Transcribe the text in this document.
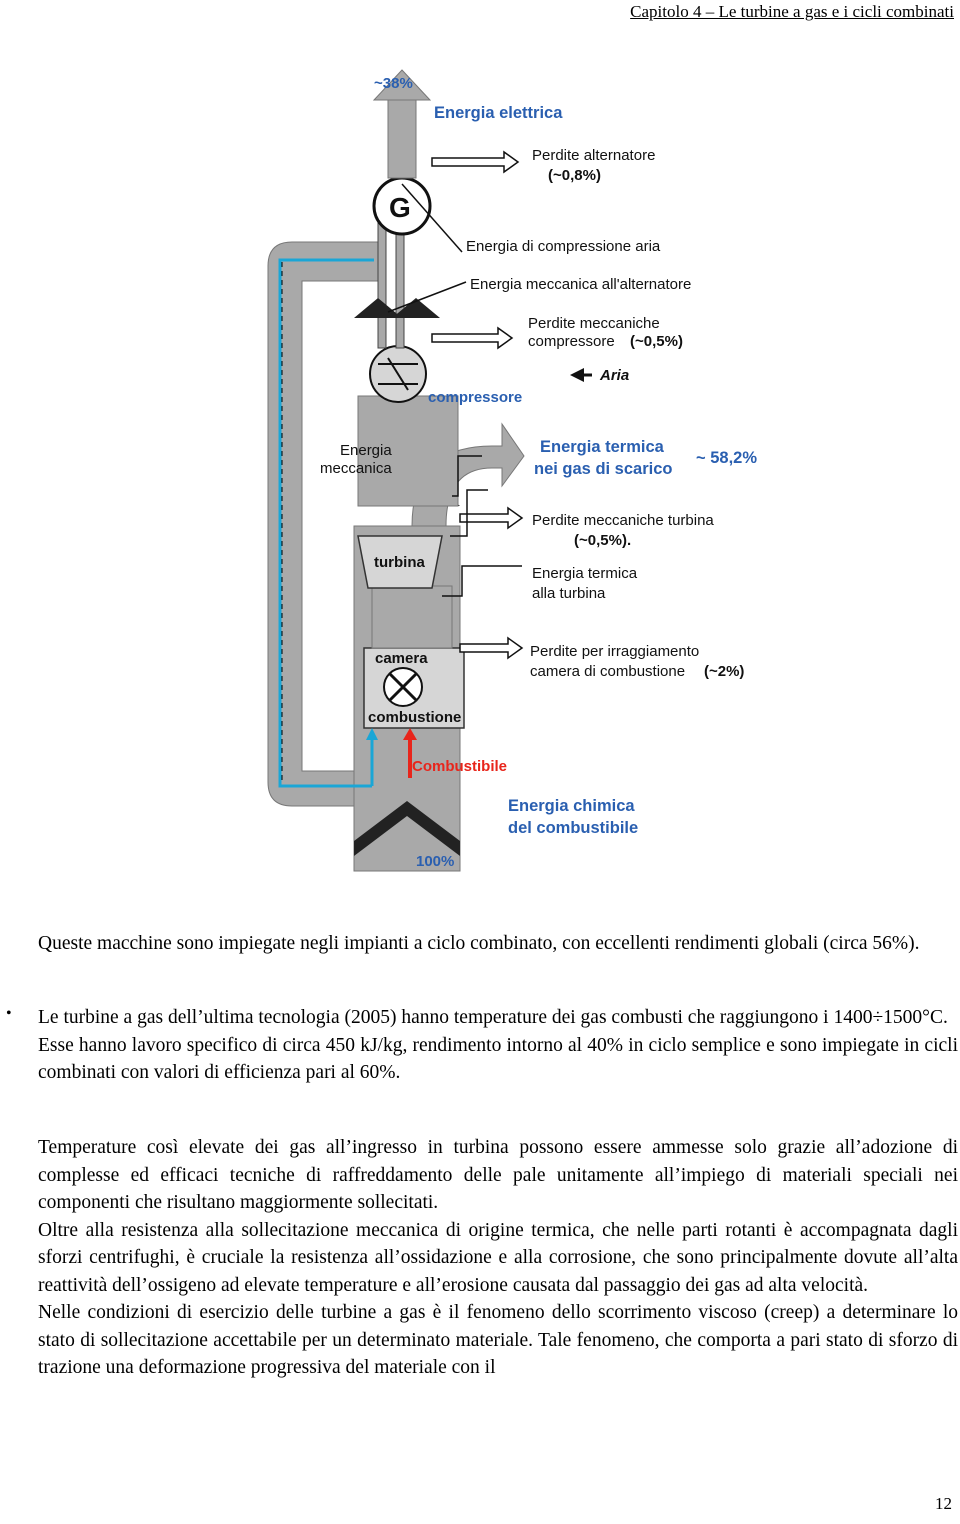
Capitolo 4 – Le turbine a gas e i cicli combinati
camera
combustione
Combustibile
turbina
compressore
G
~38%
Energia elettrica
Perdite alternatore
(~0,8%)
Energia di compressione aria
Energia meccanica all'alternatore
Perdite meccaniche
compressore (~0,5%)
Aria
Energia
meccanica
Energia termica
nei gas di scarico
~ 58,2%
Perdite meccaniche turbina
(~0,5%).
Energia termica
alla turbina
Perdite per irraggiamento
camera di combustione (~2%)
Energia chimica
del combustibile
100%

Queste macchine sono impiegate negli impianti a ciclo combinato, con eccellenti rendimenti globali (circa 56%).

• Le turbine a gas dell’ultima tecnologia (2005) hanno temperature dei gas combusti che raggiungono i 1400÷1500°C.

Esse hanno lavoro specifico di circa 450 kJ/kg, rendimento intorno al 40% in ciclo semplice e sono impiegate in cicli combinati con valori di efficienza pari al 60%.

Temperature così elevate dei gas all’ingresso in turbina possono essere ammesse solo grazie all’adozione di complesse ed efficaci tecniche di raffreddamento delle pale unitamente all’impiego di materiali speciali nei componenti che risultano maggiormente sollecitati.

Oltre alla resistenza alla sollecitazione meccanica di origine termica, che nelle parti rotanti è accompagnata dagli sforzi centrifughi, è cruciale la resistenza all’ossidazione e alla corrosione, che sono principalmente dovute all’alta reattività dell’ossigeno ad elevate temperature e all’erosione causata dal passaggio dei gas ad alta velocità.

Nelle condizioni di esercizio delle turbine a gas è il fenomeno dello scorrimento viscoso (creep) a determinare lo stato di sollecitazione accettabile per un determinato materiale. Tale fenomeno, che comporta a pari stato di sforzo di trazione una deformazione progressiva del materiale con il

12
